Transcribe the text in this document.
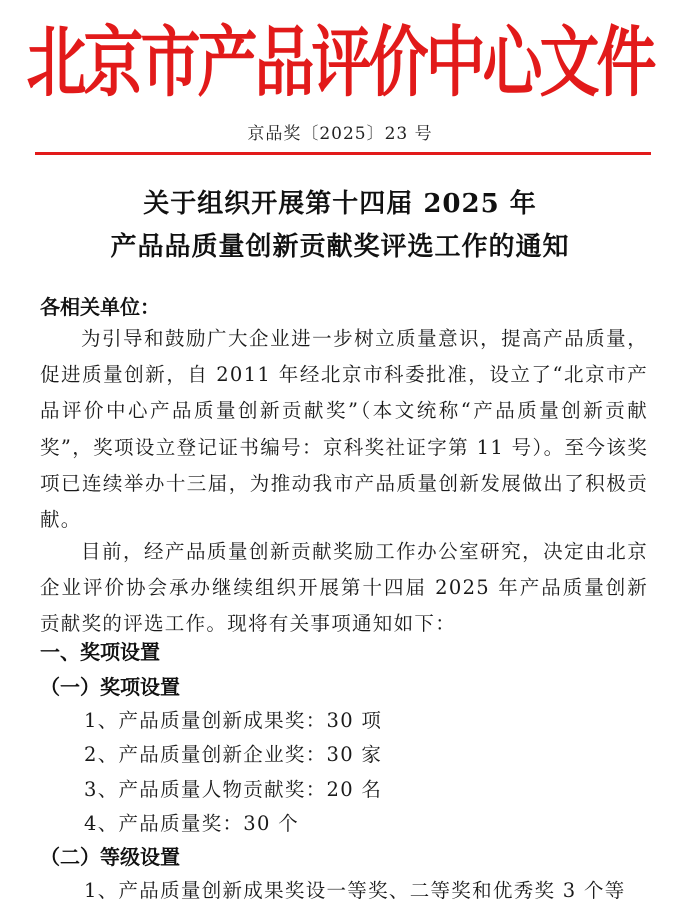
北京市产品评价中心文件
京品奖〔2025〕23 号
关于组织开展第十四届 2025 年
产品品质量创新贡献奖评选工作的通知
各相关单位：
为引导和鼓励广大企业进一步树立质量意识，提高产品质量，促进质量创新，自 2011 年经北京市科委批准，设立了“北京市产品评价中心产品质量创新贡献奖”（本文统称“产品质量创新贡献奖”，奖项设立登记证书编号：京科奖社证字第 11 号）。至今该奖项已连续举办十三届，为推动我市产品质量创新发展做出了积极贡献。
目前，经产品质量创新贡献奖励工作办公室研究，决定由北京企业评价协会承办继续组织开展第十四届 2025 年产品质量创新贡献奖的评选工作。现将有关事项通知如下：
一、奖项设置
（一）奖项设置
1、产品质量创新成果奖：30 项
2、产品质量创新企业奖：30 家
3、产品质量人物贡献奖：20 名
4、产品质量奖：30 个
（二）等级设置
1、产品质量创新成果奖设一等奖、二等奖和优秀奖 3 个等
